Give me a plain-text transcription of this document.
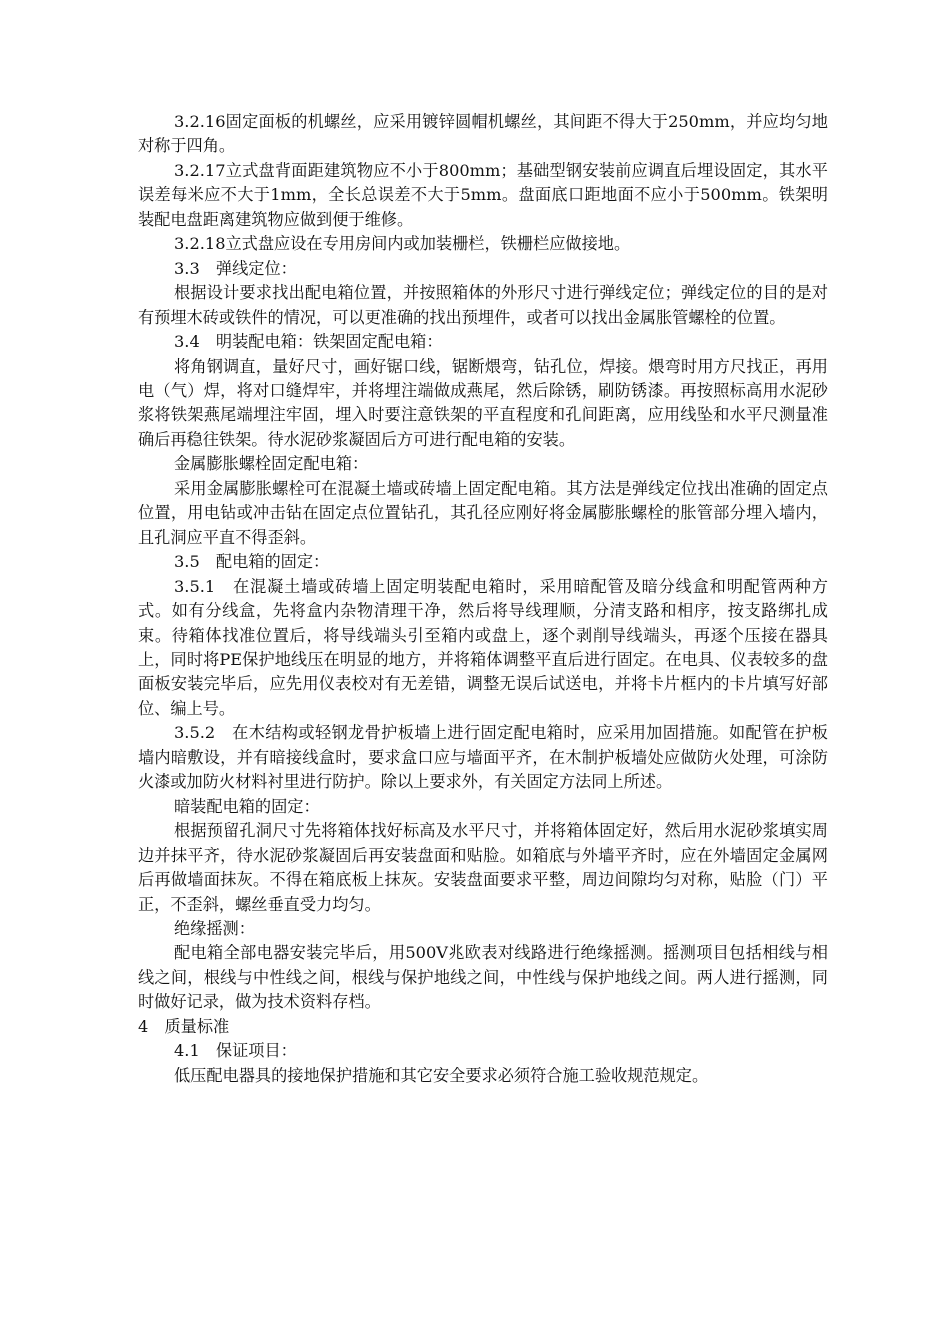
3.2.16固定面板的机螺丝，应采用镀锌圆帽机螺丝，其间距不得大于250mm，并应均匀地对称于四角。

3.2.17立式盘背面距建筑物应不小于800mm；基础型钢安装前应调直后埋设固定，其水平误差每米应不大于1mm，全长总误差不大于5mm。盘面底口距地面不应小于500mm。铁架明装配电盘距离建筑物应做到便于维修。

3.2.18立式盘应设在专用房间内或加装栅栏，铁栅栏应做接地。

3.3　弹线定位：

根据设计要求找出配电箱位置，并按照箱体的外形尺寸进行弹线定位；弹线定位的目的是对有预埋木砖或铁件的情况，可以更准确的找出预埋件，或者可以找出金属胀管螺栓的位置。

3.4　明装配电箱：铁架固定配电箱：

将角钢调直，量好尺寸，画好锯口线，锯断煨弯，钻孔位，焊接。煨弯时用方尺找正，再用电（气）焊，将对口缝焊牢，并将埋注端做成燕尾，然后除锈，刷防锈漆。再按照标高用水泥砂浆将铁架燕尾端埋注牢固，埋入时要注意铁架的平直程度和孔间距离，应用线坠和水平尺测量准确后再稳往铁架。待水泥砂浆凝固后方可进行配电箱的安装。

金属膨胀螺栓固定配电箱：

采用金属膨胀螺栓可在混凝土墙或砖墙上固定配电箱。其方法是弹线定位找出准确的固定点位置，用电钻或冲击钻在固定点位置钻孔，其孔径应刚好将金属膨胀螺栓的胀管部分埋入墙内，且孔洞应平直不得歪斜。

3.5　配电箱的固定：

3.5.1　在混凝土墙或砖墙上固定明装配电箱时，采用暗配管及暗分线盒和明配管两种方式。如有分线盒，先将盒内杂物清理干净，然后将导线理顺，分清支路和相序，按支路绑扎成束。待箱体找准位置后，将导线端头引至箱内或盘上，逐个剥削导线端头，再逐个压接在器具上，同时将PE保护地线压在明显的地方，并将箱体调整平直后进行固定。在电具、仪表较多的盘面板安装完毕后，应先用仪表校对有无差错，调整无误后试送电，并将卡片框内的卡片填写好部位、编上号。

3.5.2　在木结构或轻钢龙骨护板墙上进行固定配电箱时，应采用加固措施。如配管在护板墙内暗敷设，并有暗接线盒时，要求盒口应与墙面平齐，在木制护板墙处应做防火处理，可涂防火漆或加防火材料衬里进行防护。除以上要求外，有关固定方法同上所述。

暗装配电箱的固定：

根据预留孔洞尺寸先将箱体找好标高及水平尺寸，并将箱体固定好，然后用水泥砂浆填实周边并抹平齐，待水泥砂浆凝固后再安装盘面和贴脸。如箱底与外墙平齐时，应在外墙固定金属网后再做墙面抹灰。不得在箱底板上抹灰。安装盘面要求平整，周边间隙均匀对称，贴脸（门）平正，不歪斜，螺丝垂直受力均匀。

绝缘摇测：

配电箱全部电器安装完毕后，用500V兆欧表对线路进行绝缘摇测。摇测项目包括相线与相线之间，根线与中性线之间，根线与保护地线之间，中性线与保护地线之间。两人进行摇测，同时做好记录，做为技术资料存档。

4　质量标准

4.1　保证项目：

低压配电器具的接地保护措施和其它安全要求必须符合施工验收规范规定。
